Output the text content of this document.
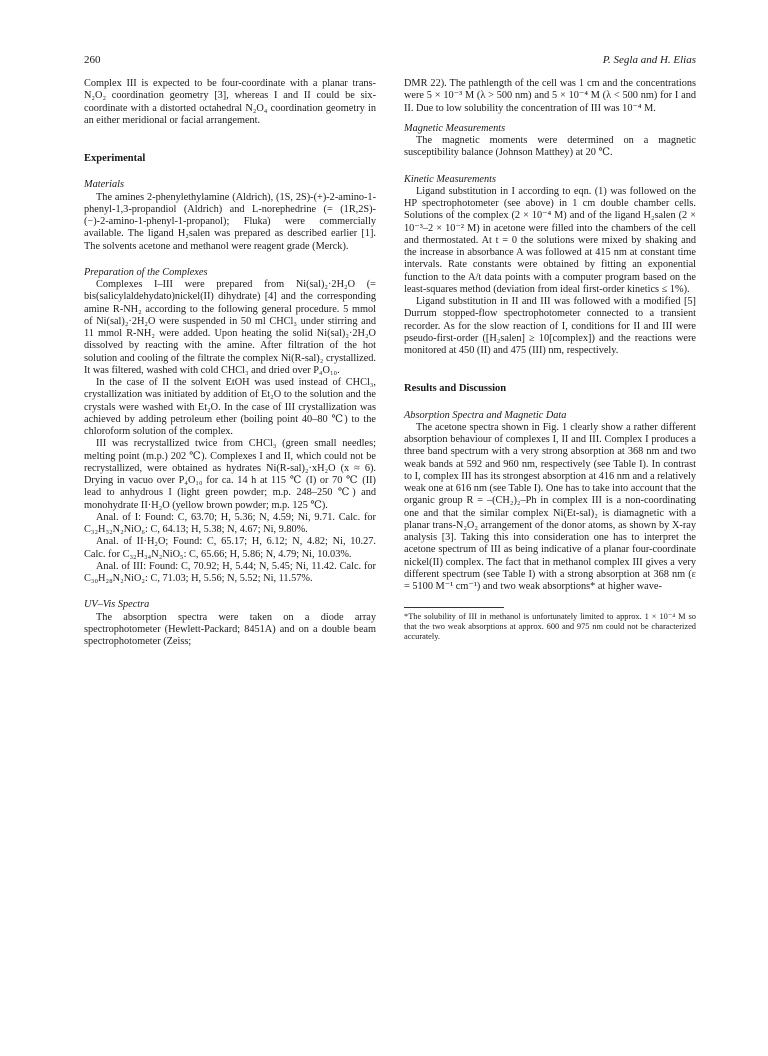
260	P. Segla and H. Elias

Complex III is expected to be four-coordinate with a planar trans-N₂O₂ coordination geometry [3], whereas I and II could be six-coordinate with a distorted octahedral N₂O₄ coordination geometry in an either meridional or facial arrangement.

Experimental

Materials

The amines 2-phenylethylamine (Aldrich), (1S, 2S)-(+)-2-amino-1-phenyl-1,3-propandiol (Aldrich) and L-norephedrine (= (1R,2S)-(−)-2-amino-1-phenyl-1-propanol); Fluka) were commercially available. The ligand H₂salen was prepared as described earlier [1]. The solvents acetone and methanol were reagent grade (Merck).

Preparation of the Complexes

Complexes I–III were prepared from Ni(sal)₂·2H₂O (= bis(salicylaldehydato)nickel(II) dihydrate) [4] and the corresponding amine R-NH₂ according to the following general procedure. 5 mmol of Ni(sal)₂·2H₂O were suspended in 50 ml CHCl₃ under stirring and 11 mmol R-NH₂ were added. Upon heating the solid Ni(sal)₂·2H₂O dissolved by reacting with the amine. After filtration of the hot solution and cooling of the filtrate the complex Ni(R-sal)₂ crystallized. It was filtered, washed with cold CHCl₃ and dried over P₄O₁₀.

In the case of II the solvent EtOH was used instead of CHCl₃, crystallization was initiated by addition of Et₂O to the solution and the crystals were washed with Et₂O. In the case of III crystallization was achieved by adding petroleum ether (boiling point 40–80 ℃) to the chloroform solution of the complex.

III was recrystallized twice from CHCl₃ (green small needles; melting point (m.p.) 202 ℃). Complexes I and II, which could not be recrystallized, were obtained as hydrates Ni(R-sal)₂·xH₂O (x ≈ 6). Drying in vacuo over P₄O₁₀ for ca. 14 h at 115 ℃ (I) or 70 ℃ (II) lead to anhydrous I (light green powder; m.p. 248–250 ℃) and monohydrate II·H₂O (yellow brown powder; m.p. 125 ℃).

Anal. of I: Found: C, 63.70; H, 5.36; N, 4.59; Ni, 9.71. Calc. for C₃₂H₃₂N₂NiO₆: C, 64.13; H, 5.38; N, 4.67; Ni, 9.80%.

Anal. of II·H₂O; Found: C, 65.17; H, 6.12; N, 4.82; Ni, 10.27. Calc. for C₃₂H₃₄N₂NiO₅: C, 65.66; H, 5.86; N, 4.79; Ni, 10.03%.

Anal. of III: Found: C, 70.92; H, 5.44; N, 5.45; Ni, 11.42. Calc. for C₃₀H₂₈N₂NiO₂: C, 71.03; H, 5.56; N, 5.52; Ni, 11.57%.

UV–Vis Spectra

The absorption spectra were taken on a diode array spectrophotometer (Hewlett-Packard; 8451A) and on a double beam spectrophotometer (Zeiss;

DMR 22). The pathlength of the cell was 1 cm and the concentrations were 5 × 10⁻³ M (λ > 500 nm) and 5 × 10⁻⁴ M (λ < 500 nm) for I and II. Due to low solubility the concentration of III was 10⁻⁴ M.

Magnetic Measurements

The magnetic moments were determined on a magnetic susceptibility balance (Johnson Matthey) at 20 ℃.

Kinetic Measurements

Ligand substitution in I according to eqn. (1) was followed on the HP spectrophotometer (see above) in 1 cm double chamber cells. Solutions of the complex (2 × 10⁻⁴ M) and of the ligand H₂salen (2 × 10⁻³–2 × 10⁻² M) in acetone were filled into the chambers of the cell and thermostated. At t = 0 the solutions were mixed by shaking and the increase in absorbance A was followed at 415 nm at constant time intervals. Rate constants were obtained by fitting an exponential function to the A/t data points with a computer program based on the least-squares method (deviation from ideal first-order kinetics ≤ 1%).

Ligand substitution in II and III was followed with a modified [5] Durrum stopped-flow spectrophotometer connected to a transient recorder. As for the slow reaction of I, conditions for II and III were pseudo-first-order ([H₂salen] ≥ 10[complex]) and the reactions were monitored at 450 (II) and 475 (III) nm, respectively.

Results and Discussion

Absorption Spectra and Magnetic Data

The acetone spectra shown in Fig. 1 clearly show a rather different absorption behaviour of complexes I, II and III. Complex I produces a three band spectrum with a very strong absorption at 368 nm and two weak bands at 592 and 960 nm, respectively (see Table I). In contrast to I, complex III has its strongest absorption at 416 nm and a relatively weak one at 616 nm (see Table I). One has to take into account that the organic group R = –(CH₂)₂–Ph in complex III is a non-coordinating one and that the similar complex Ni(Et-sal)₂ is diamagnetic with a planar trans-N₂O₂ arrangement of the donor atoms, as shown by X-ray analysis [3]. Taking this into consideration one has to interpret the acetone spectrum of III as being indicative of a planar four-coordinate nickel(II) complex. The fact that in methanol complex III gives a very different spectrum (see Table I) with a strong absorption at 368 nm (ε = 5100 M⁻¹ cm⁻¹) and two weak absorptions* at higher wave-

*The solubility of III in methanol is unfortunately limited to approx. 1 × 10⁻⁴ M so that the two weak absorptions at approx. 600 and 975 nm could not be characterized accurately.
